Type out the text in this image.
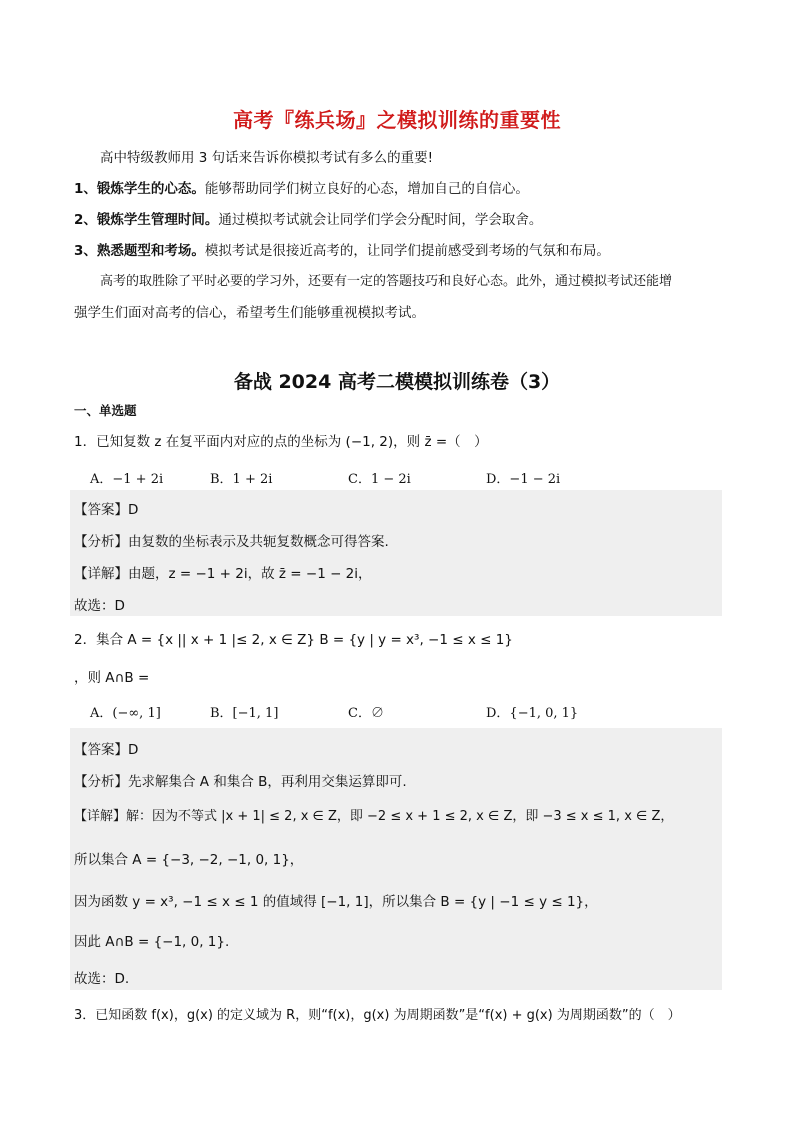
高考『练兵场』之模拟训练的重要性
高中特级教师用 3 句话来告诉你模拟考试有多么的重要!
1、锻炼学生的心态。能够帮助同学们树立良好的心态，增加自己的自信心。
2、锻炼学生管理时间。通过模拟考试就会让同学们学会分配时间，学会取舍。
3、熟悉题型和考场。模拟考试是很接近高考的，让同学们提前感受到考场的气氛和布局。
高考的取胜除了平时必要的学习外，还要有一定的答题技巧和良好心态。此外，通过模拟考试还能增
强学生们面对高考的信心，希望考生们能够重视模拟考试。
备战 2024 高考二模模拟训练卷（3）
一、单选题
1．已知复数 z 在复平面内对应的点的坐标为 (−1, 2)，则 z̄ =（　）
A．−1 + 2i	B．1 + 2i	C．1 − 2i	D．−1 − 2i
【答案】D
【分析】由复数的坐标表示及共轭复数概念可得答案.
【详解】由题，z = −1 + 2i，故 z̄ = −1 − 2i，
故选：D
2．集合 A = {x || x + 1 |≤ 2, x ∈ Z} B = {y | y = x³, −1 ≤ x ≤ 1}
，则 A∩B =
A．(−∞, 1]	B．[−1, 1]	C．∅	D．{−1, 0, 1}
【答案】D
【分析】先求解集合 A 和集合 B，再利用交集运算即可.
【详解】解：因为不等式 |x + 1| ≤ 2, x ∈ Z，即 −2 ≤ x + 1 ≤ 2, x ∈ Z，即 −3 ≤ x ≤ 1, x ∈ Z，
所以集合 A = {−3, −2, −1, 0, 1}，
因为函数 y = x³, −1 ≤ x ≤ 1 的值域得 [−1, 1]，所以集合 B = {y | −1 ≤ y ≤ 1}，
因此 A∩B = {−1, 0, 1}.
故选：D.
3．已知函数 f(x)，g(x) 的定义域为 R，则“f(x)，g(x) 为周期函数”是“f(x) + g(x) 为周期函数”的（　）
